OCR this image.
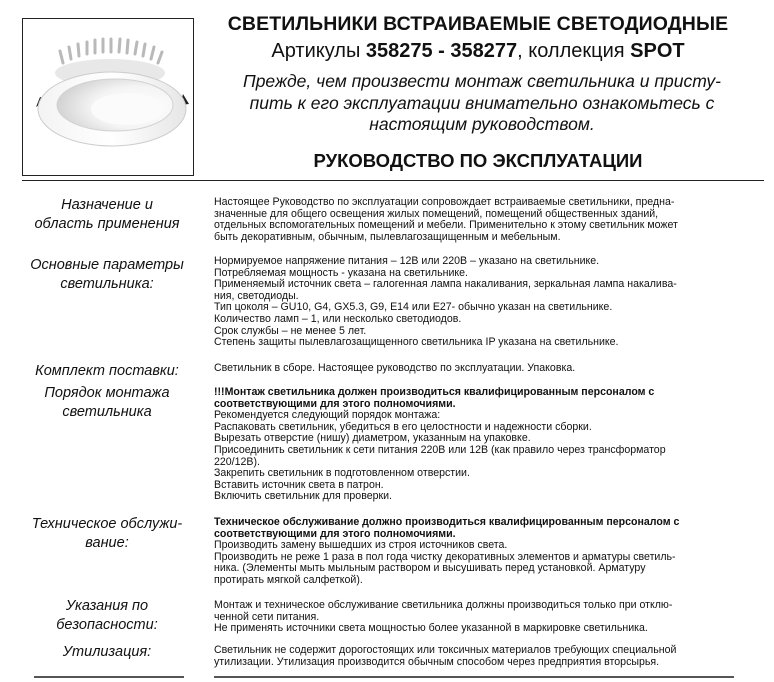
СВЕТИЛЬНИКИ ВСТРАИВАЕМЫЕ СВЕТОДИОДНЫЕ
Артикулы 358275 - 358277, коллекция SPOT
Прежде, чем произвести монтаж светильника и присту-
пить к его эксплуатации внимательно ознакомьтесь с
настоящим руководством.
РУКОВОДСТВО ПО ЭКСПЛУАТАЦИИ
Назначение и
область применения
Настоящее Руководство по эксплуатации сопровождает встраиваемые светильники, предна-
значенные для общего освещения жилых помещений, помещений общественных зданий,
отдельных вспомогательных помещений и мебели. Применительно к этому светильник может
быть декоративным, обычным, пылевлагозащищенным и мебельным.
Основные параметры
светильника:
Нормируемое напряжение питания – 12В или 220В – указано на светильнике.
Потребляемая мощность - указана на светильнике.
Применяемый источник света – галогенная лампа накаливания, зеркальная лампа накалива-
ния, светодиоды.
Тип цоколя – GU10, G4, GX5.3, G9, E14 или E27- обычно указан на светильнике.
Количество ламп – 1, или несколько светодиодов.
Срок службы – не менее 5 лет.
Степень защиты пылевлагозащищенного светильника IP указана на светильнике.
Комплект поставки:	Светильник в сборе. Настоящее руководство по эксплуатации. Упаковка.
Порядок монтажа
светильника
!!!Монтаж светильника должен производиться квалифицированным персоналом с
соответствующими для этого полномочиями.
Рекомендуется следующий порядок монтажа:
Распаковать светильник, убедиться в его целостности и надежности сборки.
Вырезать отверстие (нишу) диаметром, указанным на упаковке.
Присоединить светильник к сети питания 220В или 12В (как правило через трансформатор
220/12В).
Закрепить светильник в подготовленном отверстии.
Вставить источник света в патрон.
Включить светильник для проверки.
Техническое обслужи-
вание:
Техническое обслуживание должно производиться квалифицированным персоналом с
соответствующими для этого полномочиями.
Производить замену вышедших из строя источников света.
Производить не реже 1 раза в пол года чистку декоративных элементов и арматуры светиль-
ника. (Элементы мыть мыльным раствором и высушивать перед установкой. Арматуру
протирать мягкой салфеткой).
Указания по
безопасности:
Монтаж и техническое обслуживание светильника должны производиться только при отклю-
ченной сети питания.
Не применять источники света мощностью более указанной в маркировке светильника.
Утилизация:	Светильник не содержит дорогостоящих или токсичных материалов требующих специальной
утилизации. Утилизация производится обычным способом через предприятия вторсырья.
